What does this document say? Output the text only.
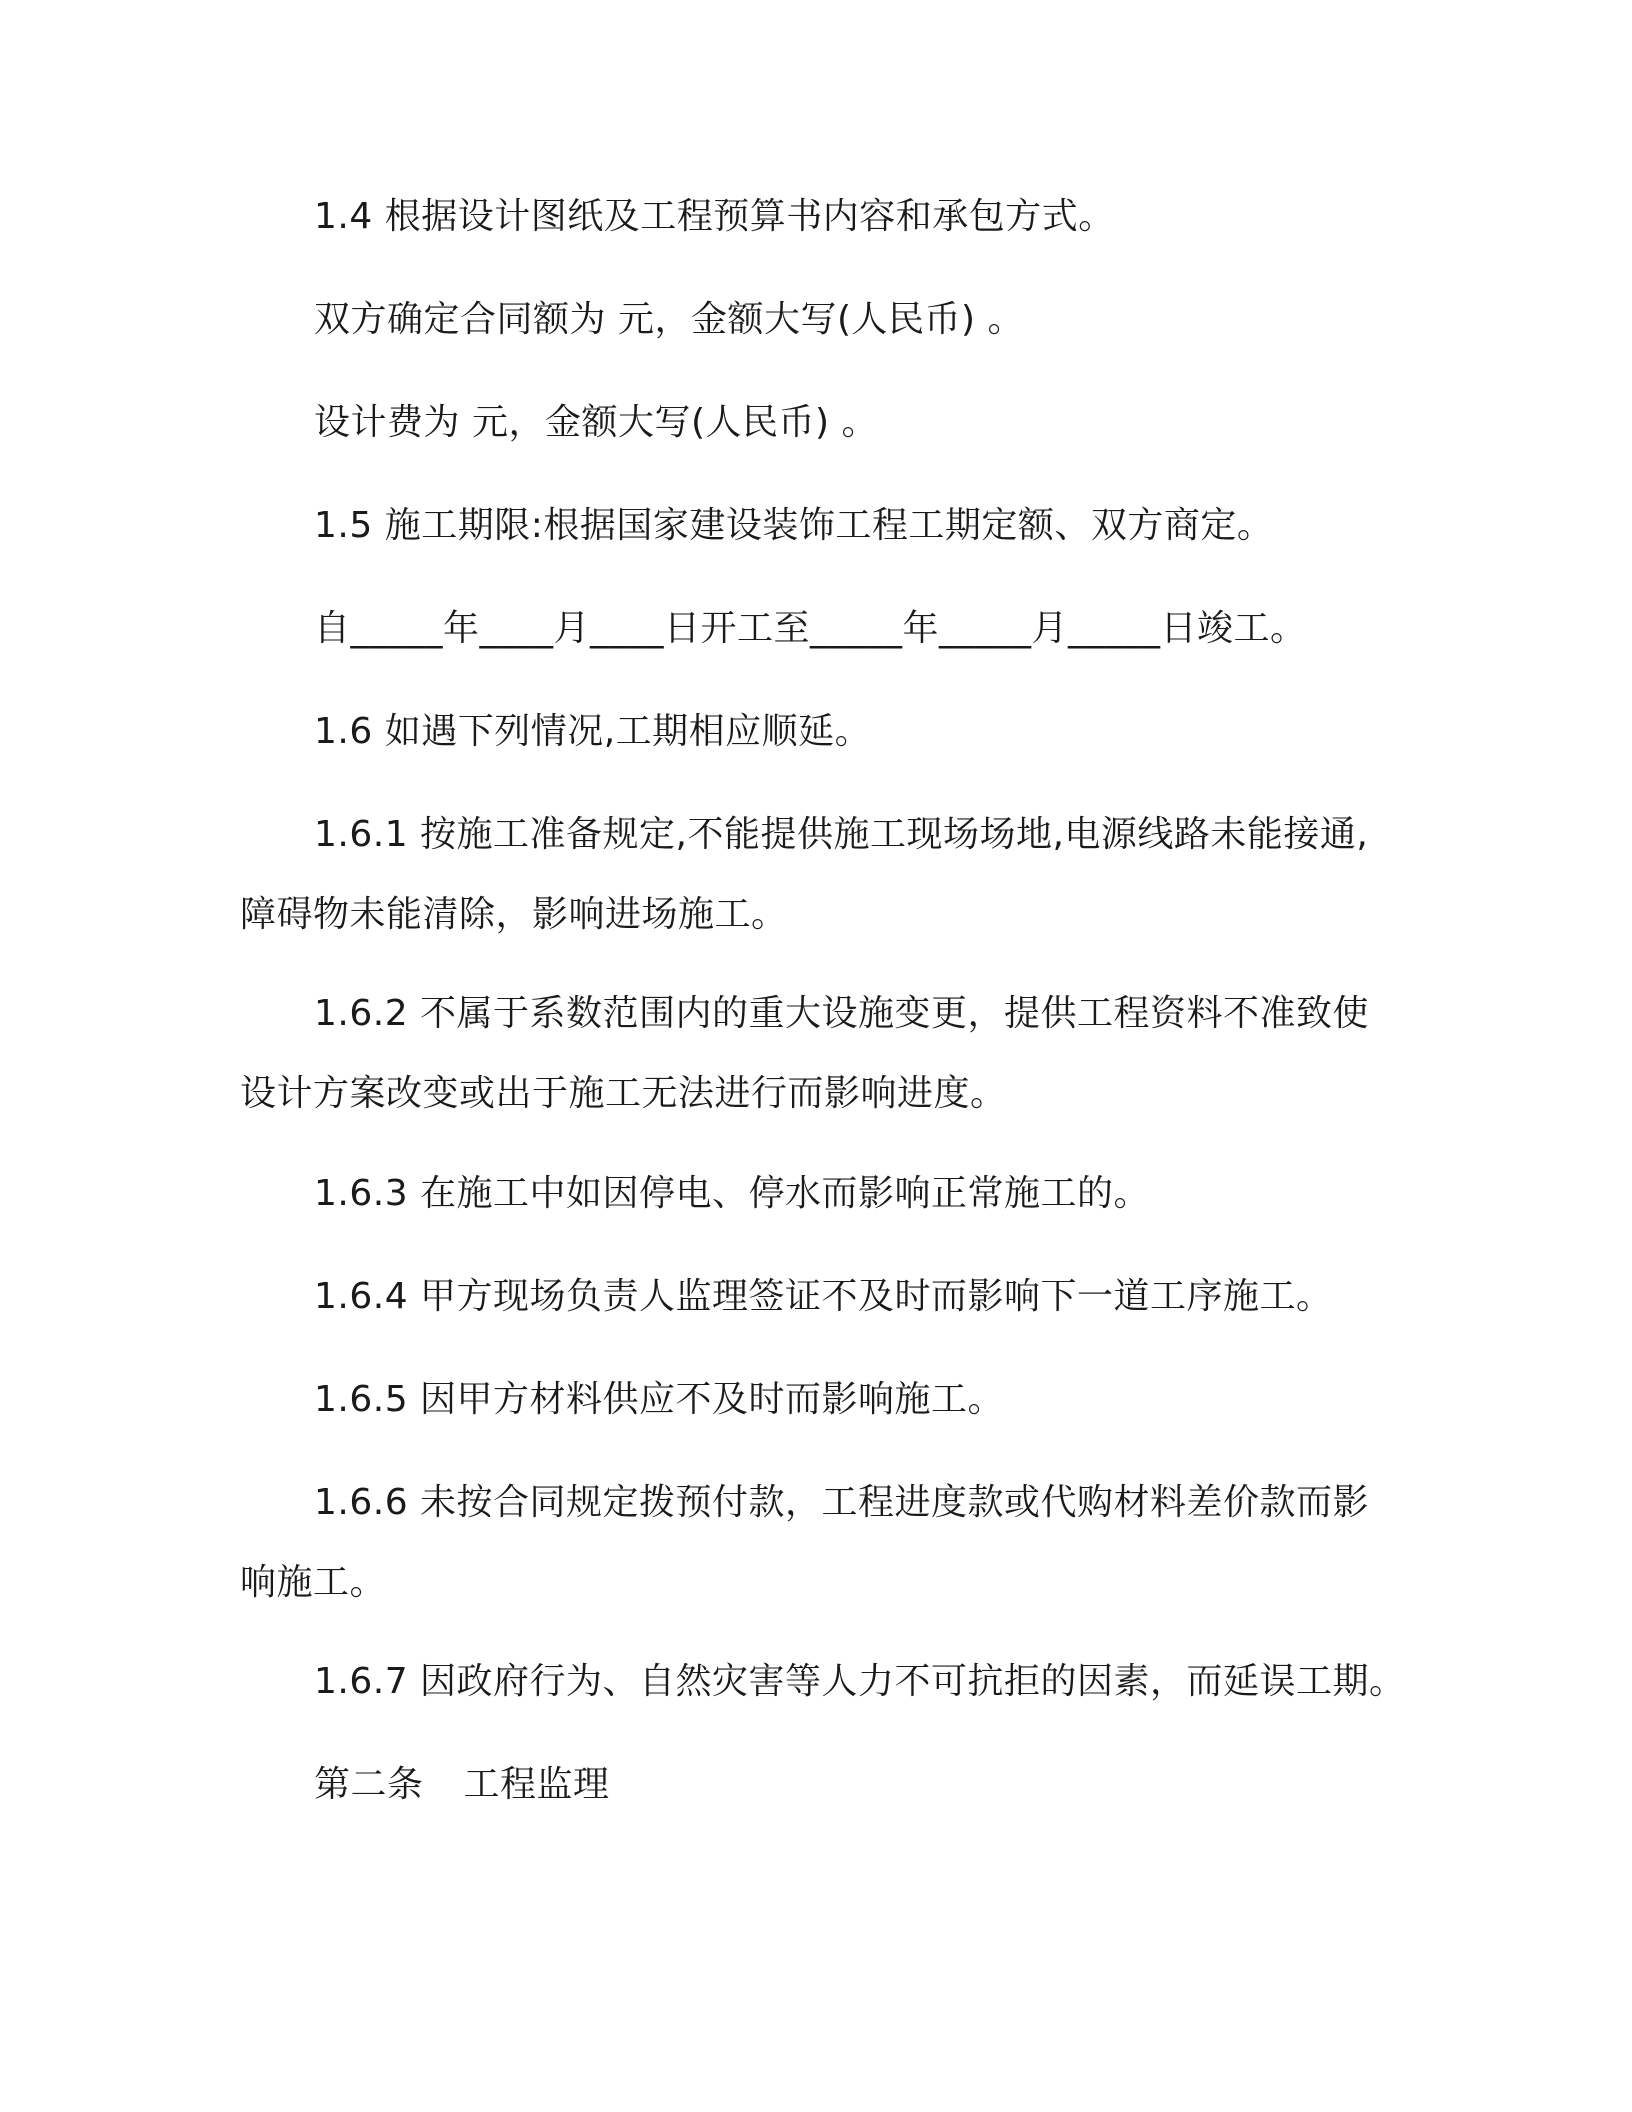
1.4 根据设计图纸及工程预算书内容和承包方式。
双方确定合同额为 元，金额大写(人民币) 。
设计费为 元，金额大写(人民币) 。
1.5 施工期限:根据国家建设装饰工程工期定额、双方商定。
自_____年____月____日开工至_____年_____月_____日竣工。
1.6 如遇下列情况,工期相应顺延。
1.6.1 按施工准备规定,不能提供施工现场场地,电源线路未能接通,
障碍物未能清除，影响进场施工。
1.6.2 不属于系数范围内的重大设施变更，提供工程资料不准致使
设计方案改变或出于施工无法进行而影响进度。
1.6.3 在施工中如因停电、停水而影响正常施工的。
1.6.4 甲方现场负责人监理签证不及时而影响下一道工序施工。
1.6.5 因甲方材料供应不及时而影响施工。
1.6.6 未按合同规定拨预付款，工程进度款或代购材料差价款而影
响施工。
1.6.7 因政府行为、自然灾害等人力不可抗拒的因素，而延误工期。
第二条 工程监理
